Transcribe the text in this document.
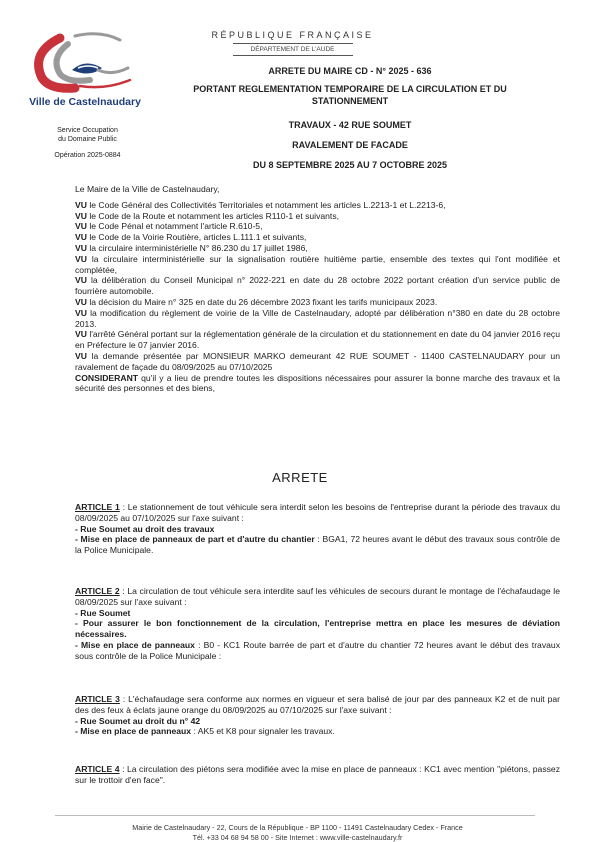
Ville de Castelnaudary
RÉPUBLIQUE FRANÇAISE
DÉPARTEMENT DE L'AUDE
ARRETE DU MAIRE CD - N° 2025 - 636
PORTANT REGLEMENTATION TEMPORAIRE DE LA CIRCULATION ET DU
STATIONNEMENT
TRAVAUX - 42 RUE SOUMET
RAVALEMENT DE FACADE
DU 8 SEPTEMBRE 2025 AU 7 OCTOBRE 2025
Service Occupation
du Domaine Public
Opération 2025-0884

Le Maire de la Ville de Castelnaudary,

VU le Code Général des Collectivités Territoriales et notamment les articles L.2213-1 et L.2213-6,

VU le Code de la Route et notamment les articles R110-1 et suivants,

VU le Code Pénal et notamment l'article R.610-5,

VU le Code de la Voirie Routière, articles L.111.1 et suivants,

VU la circulaire interministérielle N° 86.230 du 17 juillet 1986,

VU la circulaire interministérielle sur la signalisation routière huitième partie, ensemble des textes qui l'ont modifiée et complétée,

VU la délibération du Conseil Municipal n° 2022-221 en date du 28 octobre 2022 portant création d'un service public de fourrière automobile.

VU la décision du Maire n° 325 en date du 26 décembre 2023 fixant les tarifs municipaux 2023.

VU la modification du règlement de voirie de la Ville de Castelnaudary, adopté par délibération n°380 en date du 28 octobre 2013.

VU l'arrêté Général portant sur la réglementation générale de la circulation et du stationnement en date du 04 janvier 2016 reçu en Préfecture le 07 janvier 2016.

VU la demande présentée par MONSIEUR MARKO demeurant 42 RUE SOUMET - 11400 CASTELNAUDARY pour un ravalement de façade du 08/09/2025 au 07/10/2025

CONSIDERANT qu'il y a lieu de prendre toutes les dispositions nécessaires pour assurer la bonne marche des travaux et la sécurité des personnes et des biens,

ARRETE

ARTICLE 1 : Le stationnement de tout véhicule sera interdit selon les besoins de l'entreprise durant la période des travaux du 08/09/2025 au 07/10/2025 sur l'axe suivant :

- Rue Soumet au droit des travaux

- Mise en place de panneaux de part et d'autre du chantier : BGA1, 72 heures avant le début des travaux sous contrôle de la Police Municipale.

ARTICLE 2 : La circulation de tout véhicule sera interdite sauf les véhicules de secours durant le montage de l'échafaudage le 08/09/2025 sur l'axe suivant :

- Rue Soumet

- Pour assurer le bon fonctionnement de la circulation, l'entreprise mettra en place les mesures de déviation nécessaires.

- Mise en place de panneaux : B0 - KC1 Route barrée de part et d'autre du chantier 72 heures avant le début des travaux sous contrôle de la Police Municipale :

ARTICLE 3 : L'échafaudage sera conforme aux normes en vigueur et sera balisé de jour par des panneaux K2 et de nuit par des des feux à éclats jaune orange du 08/09/2025 au 07/10/2025 sur l'axe suivant :

- Rue Soumet au droit du n° 42

- Mise en place de panneaux : AK5 et K8 pour signaler les travaux.

ARTICLE 4 : La circulation des piétons sera modifiée avec la mise en place de panneaux : KC1 avec mention "piétons, passez sur le trottoir d'en face".

Mairie de Castelnaudary - 22, Cours de la République - BP 1100 - 11491 Castelnaudary Cedex - France
Tél. +33 04 68 94 58 00 - Site Internet : www.ville-castelnaudary.fr
